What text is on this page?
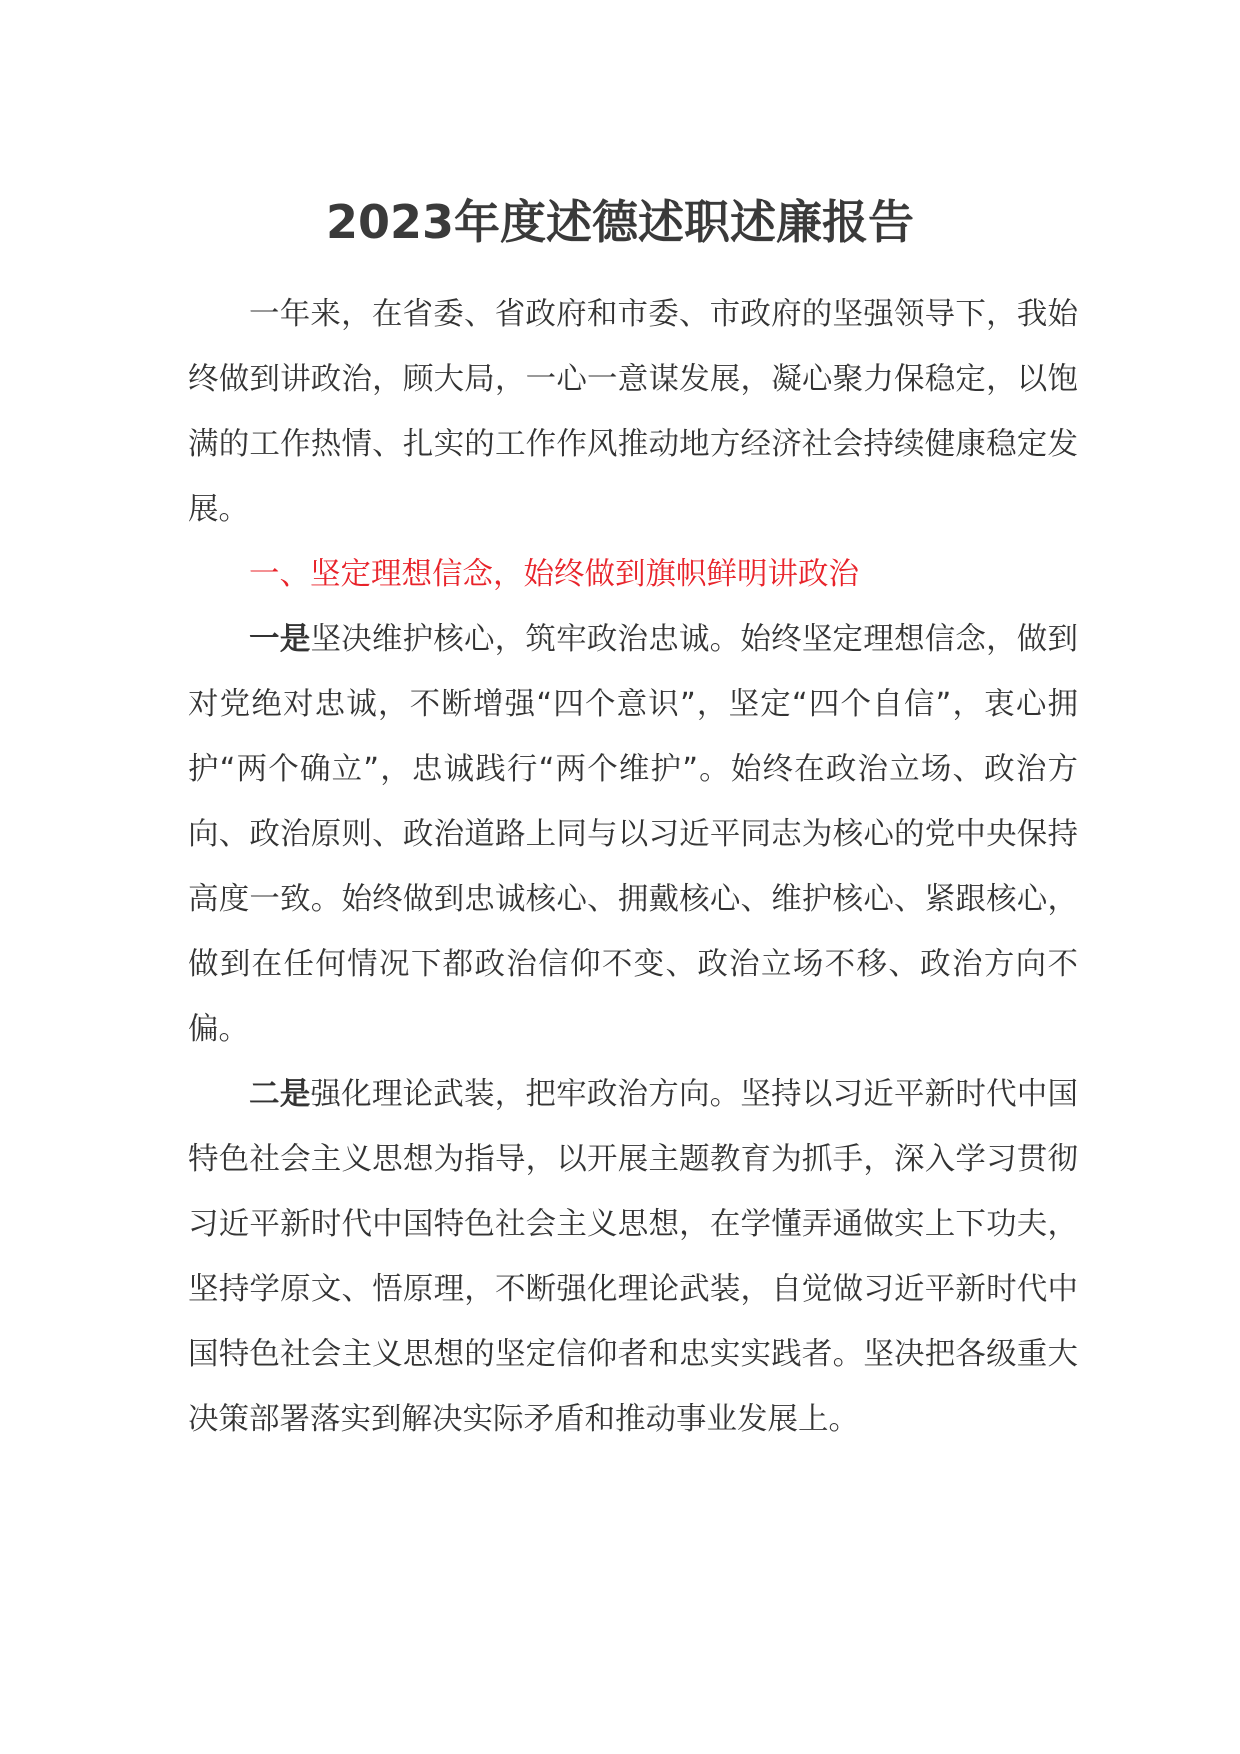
2023年度述德述职述廉报告

一年来，在省委、省政府和市委、市政府的坚强领导下，我始终做到讲政治，顾大局，一心一意谋发展，凝心聚力保稳定，以饱满的工作热情、扎实的工作作风推动地方经济社会持续健康稳定发展。

一、坚定理想信念，始终做到旗帜鲜明讲政治

一是坚决维护核心，筑牢政治忠诚。始终坚定理想信念，做到对党绝对忠诚，不断增强“四个意识”，坚定“四个自信”，衷心拥护“两个确立”，忠诚践行“两个维护”。始终在政治立场、政治方向、政治原则、政治道路上同与以习近平同志为核心的党中央保持高度一致。始终做到忠诚核心、拥戴核心、维护核心、紧跟核心，做到在任何情况下都政治信仰不变、政治立场不移、政治方向不偏。

二是强化理论武装，把牢政治方向。坚持以习近平新时代中国特色社会主义思想为指导，以开展主题教育为抓手，深入学习贯彻习近平新时代中国特色社会主义思想，在学懂弄通做实上下功夫，坚持学原文、悟原理，不断强化理论武装，自觉做习近平新时代中国特色社会主义思想的坚定信仰者和忠实实践者。坚决把各级重大决策部署落实到解决实际矛盾和推动事业发展上。
